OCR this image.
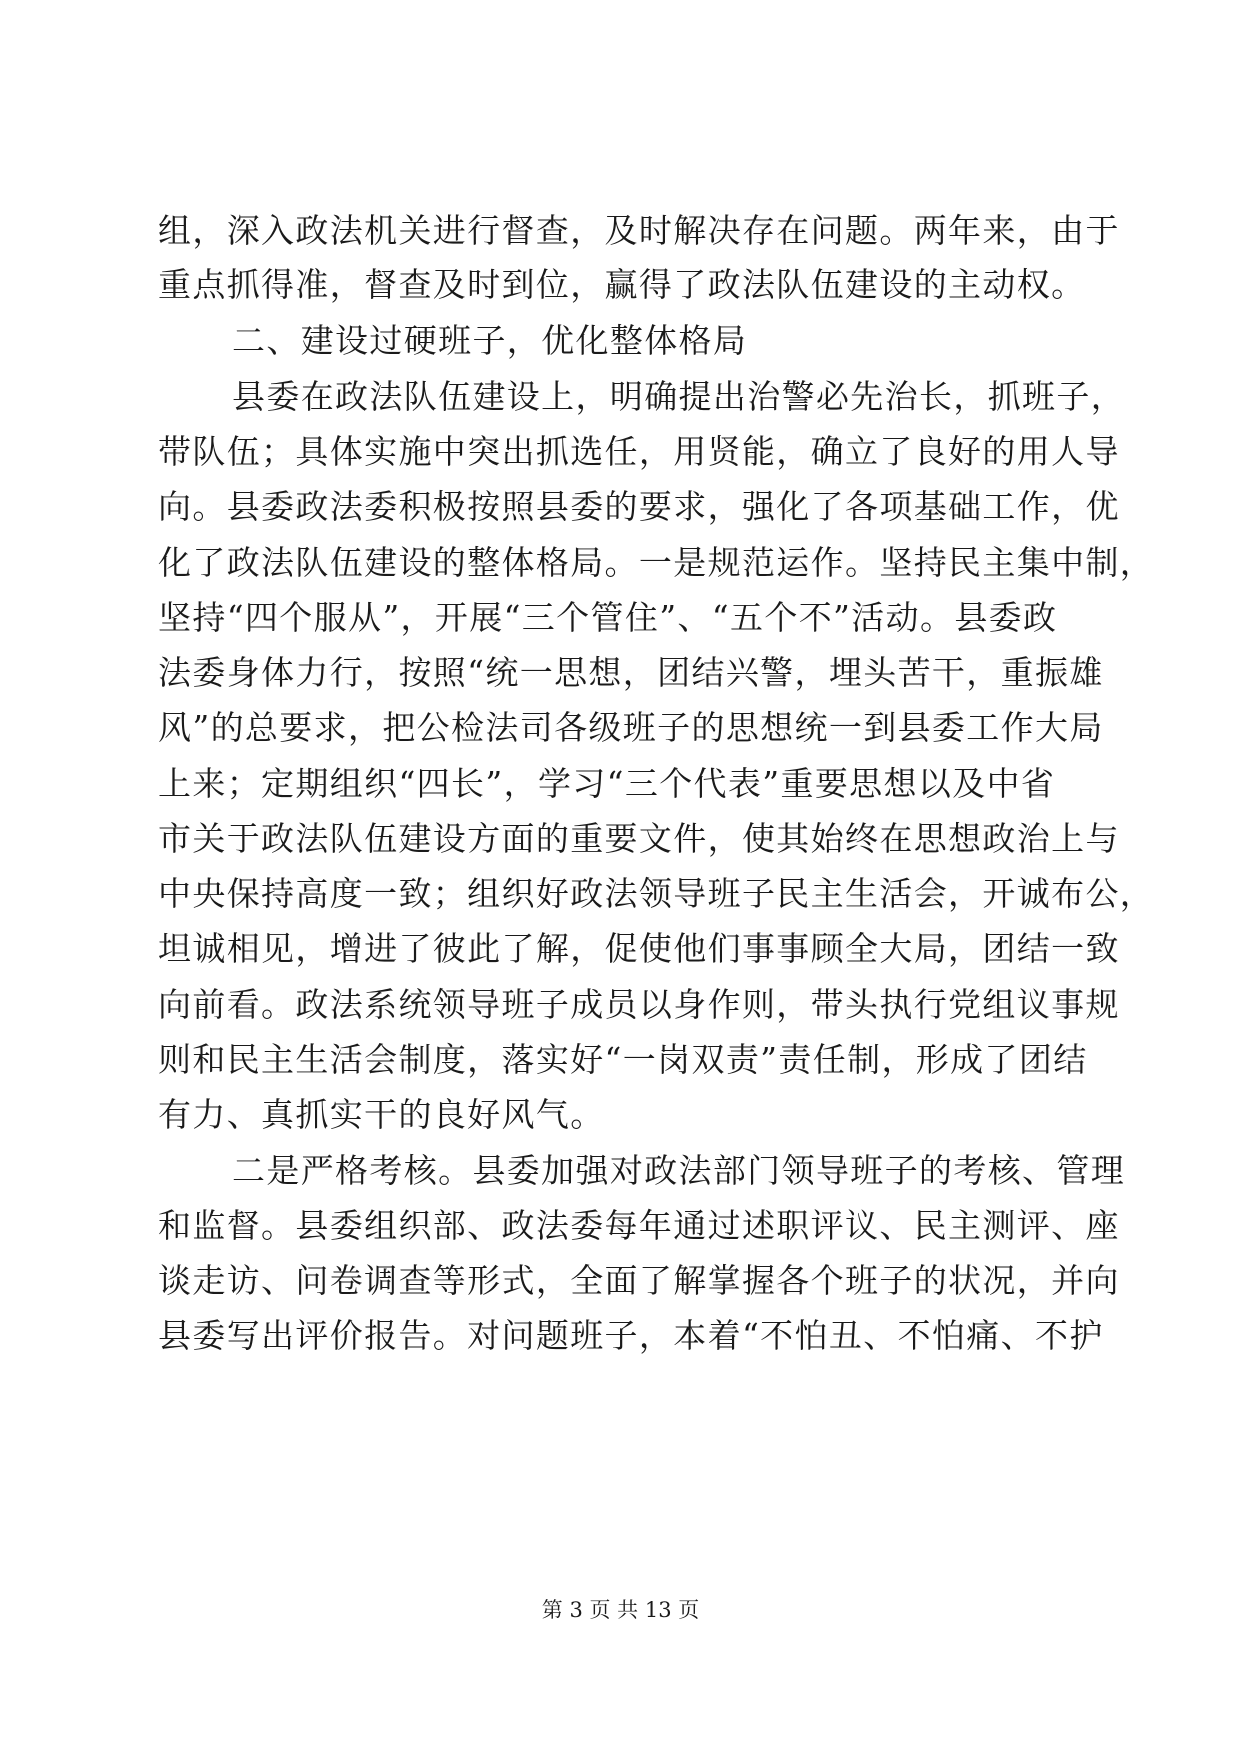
组，深入政法机关进行督查，及时解决存在问题。两年来，由于
重点抓得准，督查及时到位，赢得了政法队伍建设的主动权。
二、建设过硬班子，优化整体格局
县委在政法队伍建设上，明确提出治警必先治长，抓班子，
带队伍；具体实施中突出抓选任，用贤能，确立了良好的用人导
向。县委政法委积极按照县委的要求，强化了各项基础工作，优
化了政法队伍建设的整体格局。一是规范运作。坚持民主集中制，
坚持“四个服从”，开展“三个管住”、“五个不”活动。县委政
法委身体力行，按照“统一思想，团结兴警，埋头苦干，重振雄
风”的总要求，把公检法司各级班子的思想统一到县委工作大局
上来；定期组织“四长”，学习“三个代表”重要思想以及中省
市关于政法队伍建设方面的重要文件，使其始终在思想政治上与
中央保持高度一致；组织好政法领导班子民主生活会，开诚布公，
坦诚相见，增进了彼此了解，促使他们事事顾全大局，团结一致
向前看。政法系统领导班子成员以身作则，带头执行党组议事规
则和民主生活会制度，落实好“一岗双责”责任制，形成了团结
有力、真抓实干的良好风气。
二是严格考核。县委加强对政法部门领导班子的考核、管理
和监督。县委组织部、政法委每年通过述职评议、民主测评、座
谈走访、问卷调查等形式，全面了解掌握各个班子的状况，并向
县委写出评价报告。对问题班子，本着“不怕丑、不怕痛、不护
第 3 页 共 13 页
